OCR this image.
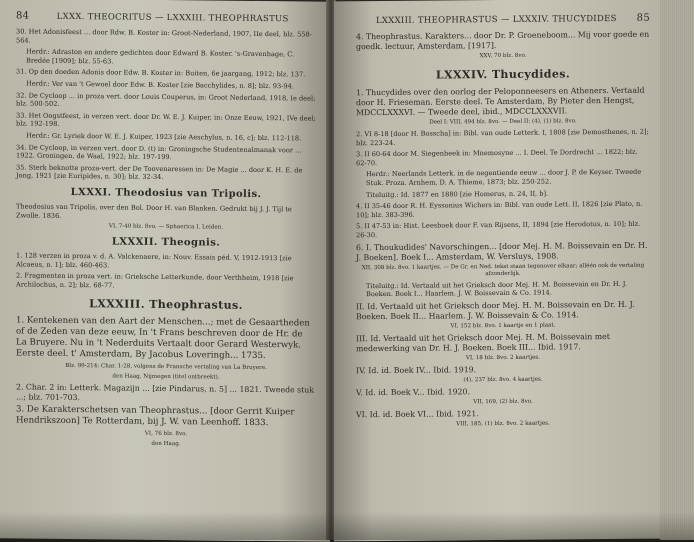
84	LXXX. THEOCRITUS — LXXXIII. THEOPHRASTUS

30. Het Adonisfeest ... door Rdw. B. Koster in: Groot-Nederland, 1907, IIe deel, blz. 558-564.

Herdr.: Adraston en andere gedichten door Edward B. Koster. 's-Gravenhage, C. Bredée [1909]; blz. 55-63.

31. Op den doeden Adonis door Edw. B. Koster in: Buiten, 6e jaargang, 1912; blz. 137.

Herdr.: Ver van 't Gewoel door Edw. B. Koster [zie Bacchylides, n. 8]; blz. 93-94.

32. De Cycloop ... in proza vert. door Louis Couperus, in: Groot Nederland, 1918, Ie deel; blz. 500-502.

33. Het Oogstfeest, in verzen vert. door Dr. W. E. J. Kuiper, in: Onze Eeuw, 1921, IVe deel; blz. 192-198.

Herdr.: Gr. Lyriek door W. E. J. Kuiper, 1923 [zie Aeschylus, n. 16, c]; blz. 112-118.

34. De Cycloop, in verzen vert. door D. (t) in: Groningsche Studentenalmanak voor ... 1922. Groningen, de Waal, 1922; blz. 197-199.

35. Sterk beknotte proza-vert. der De Toovenaressen in: De Magie ... door K. H. E. de Jong, 1921 [zie Euripides, n. 30]; blz. 32-34.

LXXXI. Theodosius van Tripolis.

Theodosius van Tripolis, over den Bol. Door H. van Blanken. Gedrukt bij J. J. Tijl te Zwolle. 1836.

VI, 7-40 blz. 8vo. — Sphaerica I. Leiden.

LXXXII. Theognis.

1. 128 verzen in proza v. d. A. Valckenaere, in: Nouv. Essais péd. V, 1912-1913 [zie Alcaeus, n. 1]; blz. 460-463.

2. Fragmenten in proza vert. in: Grieksche Letterkunde, door Verthheim, 1918 [zie Archilochus, n. 2]; blz. 68-77.

LXXXIII. Theophrastus.

1. Kentekenen van den Aart der Menschen...; met de Gesaartheden of de Zeden van deze eeuw, In 't Frans beschreven door de Hr. de La Bruyere. Nu in 't Nederduits Vertaalt door Gerard Westerwyk. Eerste deel. t' Amsterdam, By Jacobus Loveringh... 1735.

Blz. 99-214: Char. 1-28, volgens de Fransche vertaling van La Bruyere.

den Haag, Nijmegen (titel ontbreekt).

2. Char. 2 in: Letterk. Magazijn ... [zie Pindarus, n. 5] ... 1821. Tweede stuk ...; blz. 701-703.

3. De Karakterschetsen van Theophrastus... [door Gerrit Kuiper Hendrikszoon] Te Rotterdam, bij J. W. van Leenhoff. 1833.

VI, 76 blz. 8vo.

den Haag.

LXXXIII. THEOPHRASTUS — LXXXIV. THUCYDIDES	85

4. Theophrastus. Karakters... door Dr. P. Groeneboom... Mij voor goede en goedk. lectuur, Amsterdam, [1917].

XXV, 70 blz. 8vo.

LXXXIV. Thucydides.

1. Thucydides over den oorlog der Peloponneesers en Atheners. Vertaald door H. Frieseman. Eerste deel. Te Amsterdam, By Pieter den Hengst, MDCCLXXXVI. — Tweede deel, ibid., MDCCLXXXVII.

Deel I: VIII, 494 blz. 8vo. — Deel II: (4), (1) blz. 8vo.

2. VI 8-18 [door H. Bosscha] in: Bibl. van oude Letterk. I, 1808 [zie Demosthenes, n. 2]; blz. 223-24.

3. II 60-64 door M. Siegenbeek in: Mnemosyne ... I. Deel. Te Dordrecht ... 1822; blz. 62-70.

Herdr.: Neerlands Letterk. in de negentiende eeuw ... door J. P. de Keyser. Tweede Stuk. Proza. Arnhem, D. A. Thieme, 1873; blz. 250-252.

Titeluitg.: Id. 1877 en 1880 [zie Homerus, n. 24, II, b].

4. II 35-46 door R. H. Eyssonius Wichers in: Bibl. van oude Lett. II, 1826 [zie Plato, n. 10]; blz. 383-396.

5. II 47-53 in: Hist. Leesboek door F. van Rijsens, II, 1894 [zie Herodotus, n. 10]; blz. 26-30.

6. I. Thoukudides' Navorschingen... [door Mej. H. M. Boissevain en Dr. H. J. Boeken]. Boek I... Amsterdam, W. Versluys, 1908.

XII, 308 blz. 8vo. 1 kaartjes. — De Gr. en Ned. tekst staan tegenover elkaar; alléén ook de vertaling afzonderlijk.

Titeluitg.: Id. Vertaald uit het Grieksch door Mej. H. M. Boissevain en Dr. H. J. Boeken. Boek I... Haarlem. J. W. Boissevain & Co. 1914.

II. Id. Vertaald uit het Grieksch door Mej. H. M. Boissevain en Dr. H. J. Boeken. Boek II... Haarlem. J. W. Boissevain & Co. 1914.

VI, 152 blz. 8vo. 1 kaartje en 1 plaat.

III. Id. Vertaald uit het Grieksch door Mej. H. M. Boissevain met medewerking van Dr. H. J. Boeken. Boek III... Ibid. 1917.

VI, 18 blz. 8vo. 2 kaartjes.

IV. Id. id. Boek IV... Ibid. 1919.

(4), 237 blz. 8vo. 4 kaartjes.

V. Id. id. Boek V... Ibid. 1920.

VII, 169, (2) blz. 8vo.

VI. Id. id. Boek VI... Ibid. 1921.

VIII, 185, (1) blz. 8vo. 2 kaartjes.
